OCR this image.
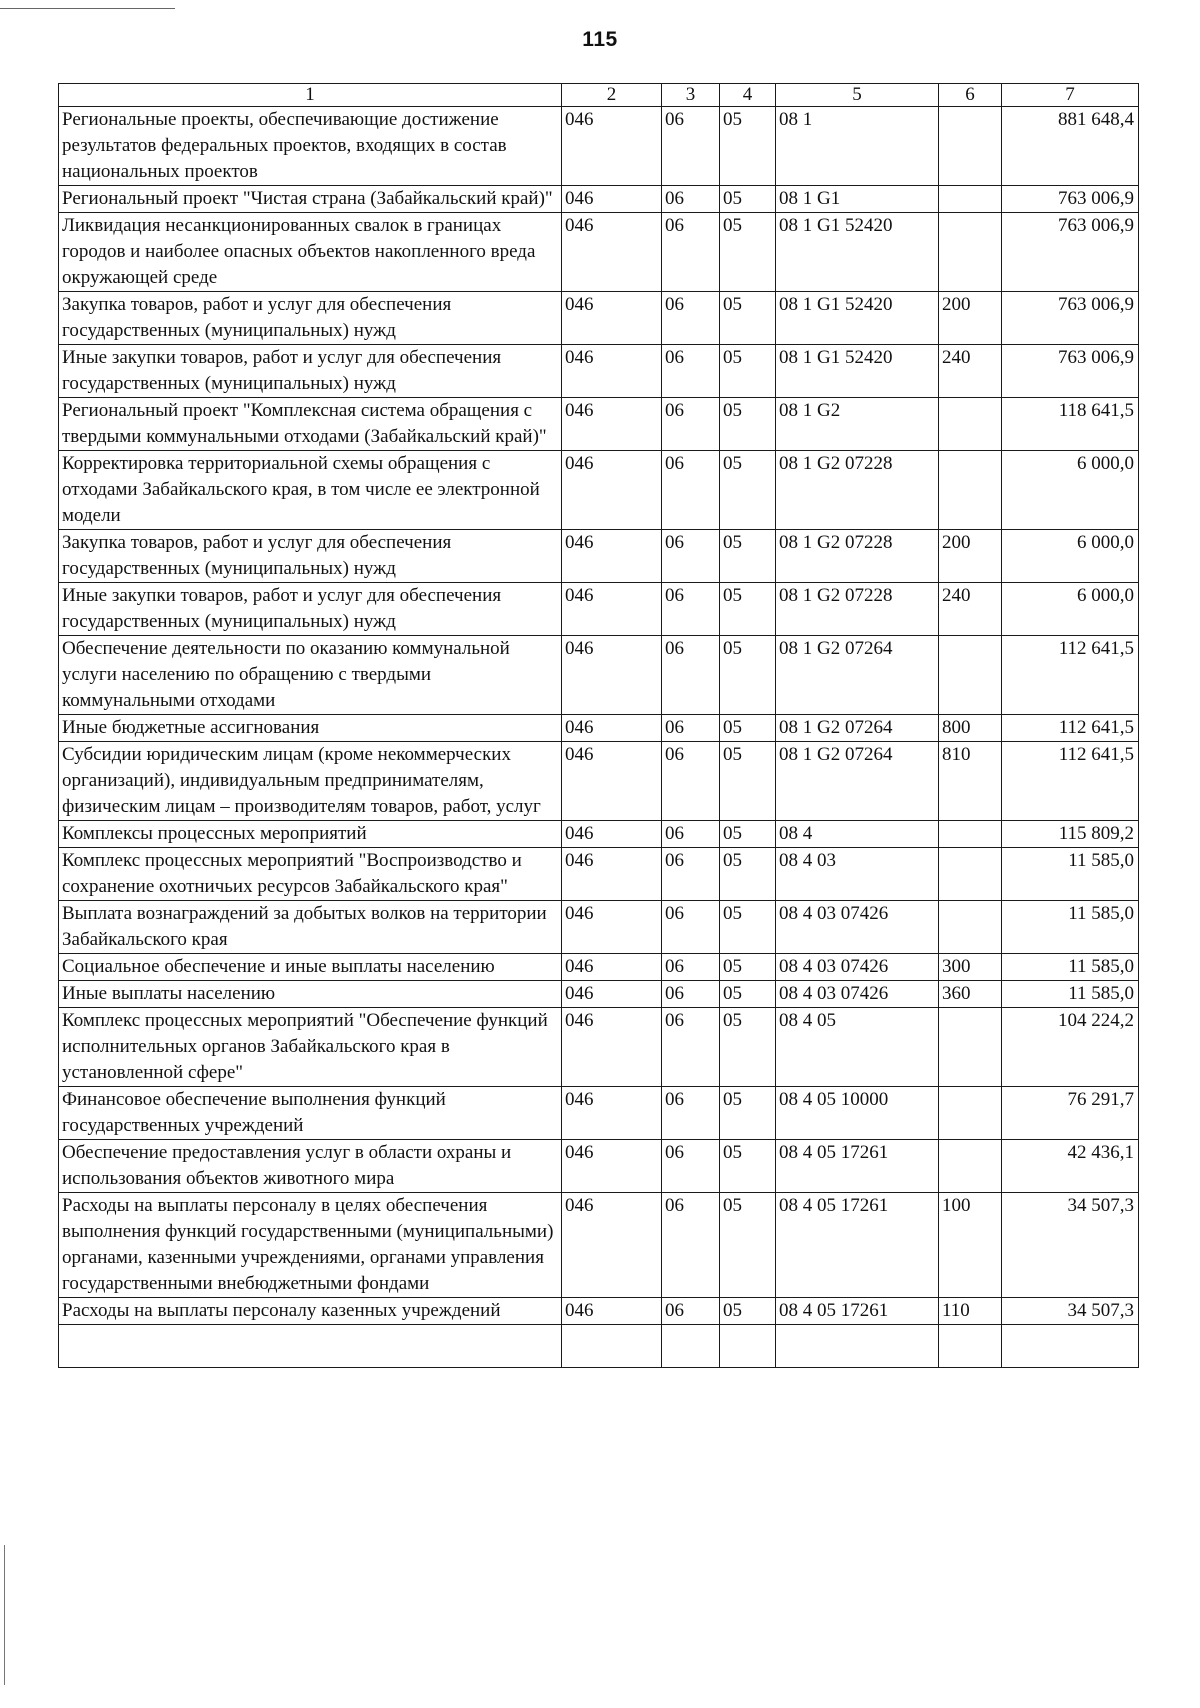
115
1	2	3	4	5	6	7
Региональные проекты, обеспечивающие достижение результатов федеральных проектов, входящих в состав национальных проектов	046	06	05	08 1		881 648,4
Региональный проект "Чистая страна (Забайкальский край)"	046	06	05	08 1 G1		763 006,9
Ликвидация несанкционированных свалок в границах городов и наиболее опасных объектов накопленного вреда окружающей среде	046	06	05	08 1 G1 52420		763 006,9
Закупка товаров, работ и услуг для обеспечения государственных (муниципальных) нужд	046	06	05	08 1 G1 52420	200	763 006,9
Иные закупки товаров, работ и услуг для обеспечения государственных (муниципальных) нужд	046	06	05	08 1 G1 52420	240	763 006,9
Региональный проект "Комплексная система обращения с твердыми коммунальными отходами (Забайкальский край)"	046	06	05	08 1 G2		118 641,5
Корректировка территориальной схемы обращения с отходами Забайкальского края, в том числе ее электронной модели	046	06	05	08 1 G2 07228		6 000,0
Закупка товаров, работ и услуг для обеспечения государственных (муниципальных) нужд	046	06	05	08 1 G2 07228	200	6 000,0
Иные закупки товаров, работ и услуг для обеспечения государственных (муниципальных) нужд	046	06	05	08 1 G2 07228	240	6 000,0
Обеспечение деятельности по оказанию коммунальной услуги населению по обращению с твердыми коммунальными отходами	046	06	05	08 1 G2 07264		112 641,5
Иные бюджетные ассигнования	046	06	05	08 1 G2 07264	800	112 641,5
Субсидии юридическим лицам (кроме некоммерческих организаций), индивидуальным предпринимателям, физическим лицам – производителям товаров, работ, услуг	046	06	05	08 1 G2 07264	810	112 641,5
Комплексы процессных мероприятий	046	06	05	08 4		115 809,2
Комплекс процессных мероприятий "Воспроизводство и сохранение охотничьих ресурсов Забайкальского края"	046	06	05	08 4 03		11 585,0
Выплата вознаграждений за добытых волков на территории Забайкальского края	046	06	05	08 4 03 07426		11 585,0
Социальное обеспечение и иные выплаты населению	046	06	05	08 4 03 07426	300	11 585,0
Иные выплаты населению	046	06	05	08 4 03 07426	360	11 585,0
Комплекс процессных мероприятий "Обеспечение функций исполнительных органов Забайкальского края в установленной сфере"	046	06	05	08 4 05		104 224,2
Финансовое обеспечение выполнения функций государственных учреждений	046	06	05	08 4 05 10000		76 291,7
Обеспечение предоставления услуг в области охраны и использования объектов животного мира	046	06	05	08 4 05 17261		42 436,1
Расходы на выплаты персоналу в целях обеспечения выполнения функций государственными (муниципальными) органами, казенными учреждениями, органами управления государственными внебюджетными фондами	046	06	05	08 4 05 17261	100	34 507,3
Расходы на выплаты персоналу казенных учреждений	046	06	05	08 4 05 17261	110	34 507,3
